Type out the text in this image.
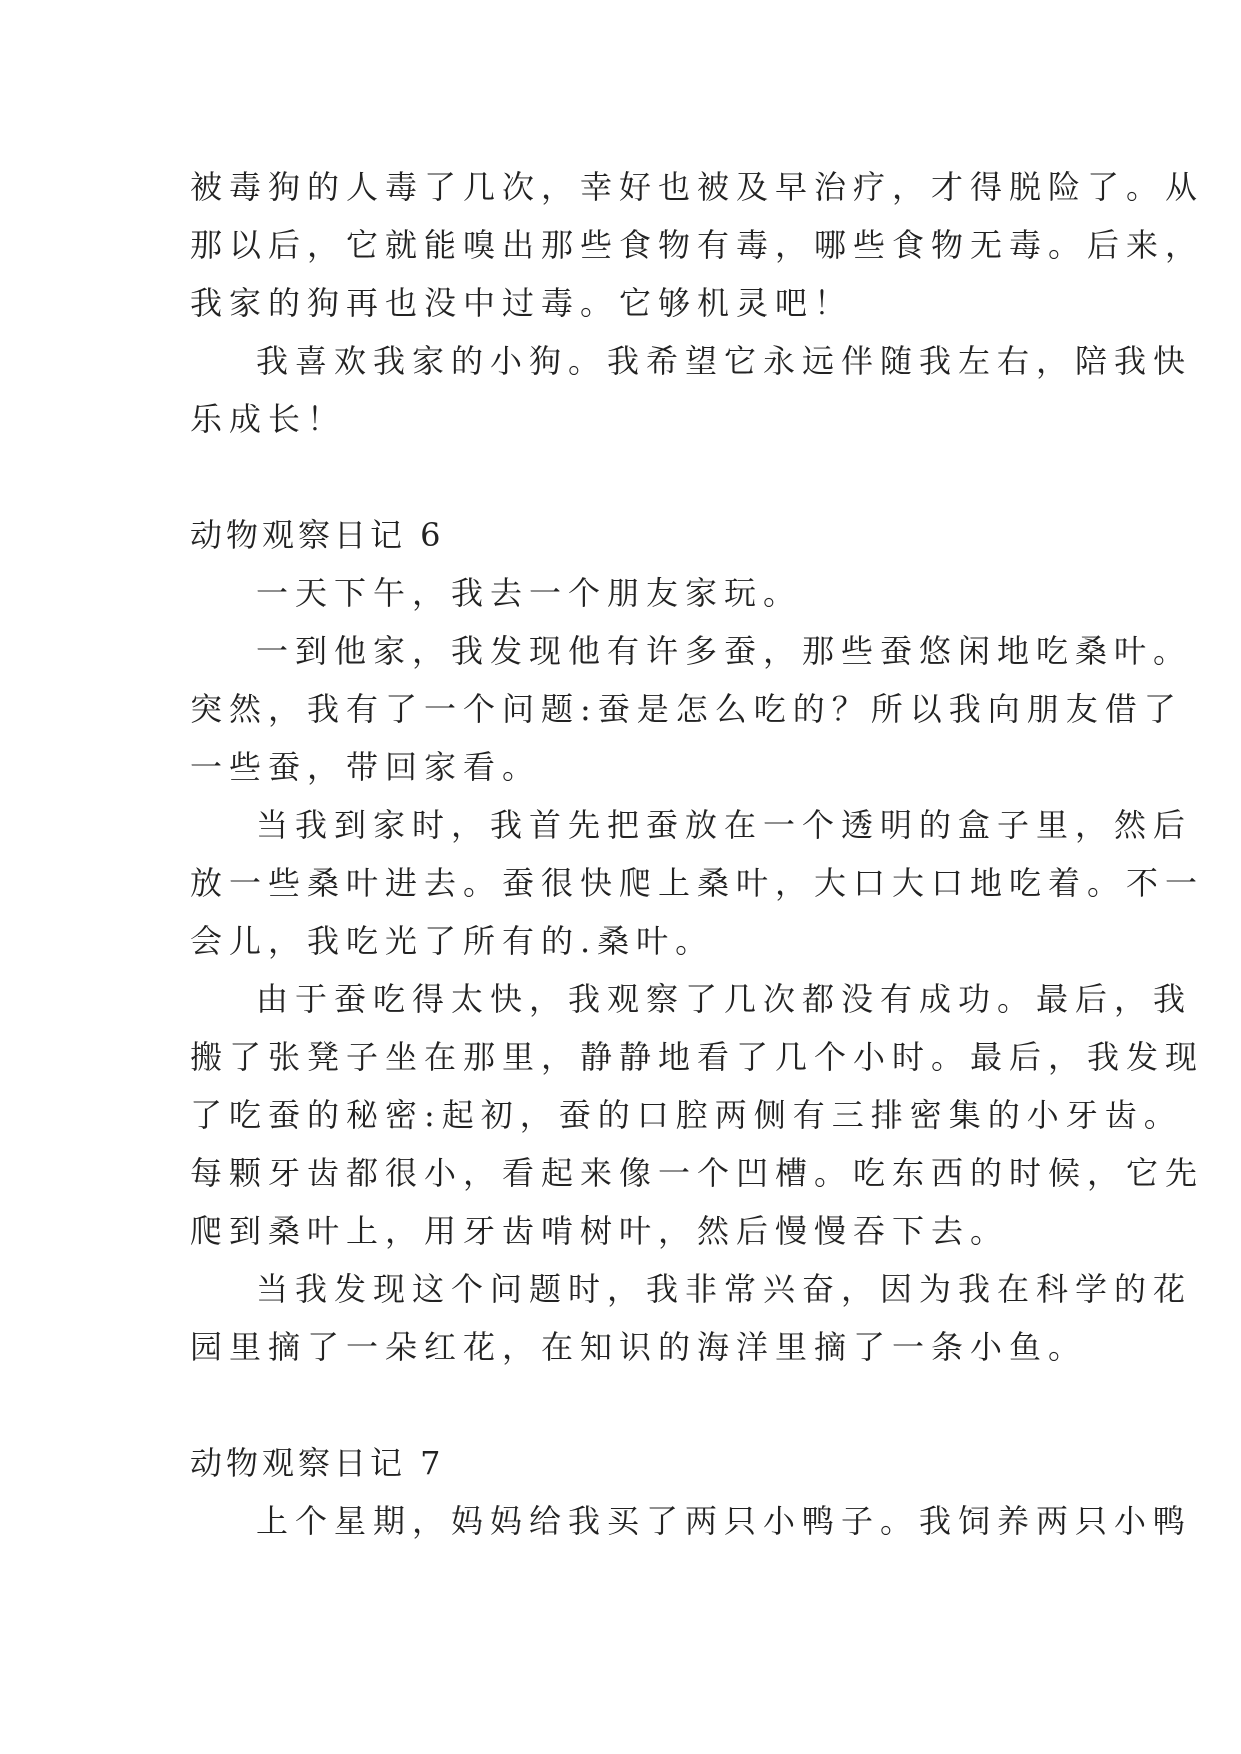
被毒狗的人毒了几次，幸好也被及早治疗，才得脱险了。从
那以后，它就能嗅出那些食物有毒，哪些食物无毒。后来，
我家的狗再也没中过毒。它够机灵吧！
我喜欢我家的小狗。我希望它永远伴随我左右，陪我快
乐成长！
动物观察日记 6
一天下午，我去一个朋友家玩。
一到他家，我发现他有许多蚕，那些蚕悠闲地吃桑叶。
突然，我有了一个问题:蚕是怎么吃的？所以我向朋友借了
一些蚕，带回家看。
当我到家时，我首先把蚕放在一个透明的盒子里，然后
放一些桑叶进去。蚕很快爬上桑叶，大口大口地吃着。不一
会儿，我吃光了所有的.桑叶。
由于蚕吃得太快，我观察了几次都没有成功。最后，我
搬了张凳子坐在那里，静静地看了几个小时。最后，我发现
了吃蚕的秘密:起初，蚕的口腔两侧有三排密集的小牙齿。
每颗牙齿都很小，看起来像一个凹槽。吃东西的时候，它先
爬到桑叶上，用牙齿啃树叶，然后慢慢吞下去。
当我发现这个问题时，我非常兴奋，因为我在科学的花
园里摘了一朵红花，在知识的海洋里摘了一条小鱼。
动物观察日记 7
上个星期，妈妈给我买了两只小鸭子。我饲养两只小鸭
